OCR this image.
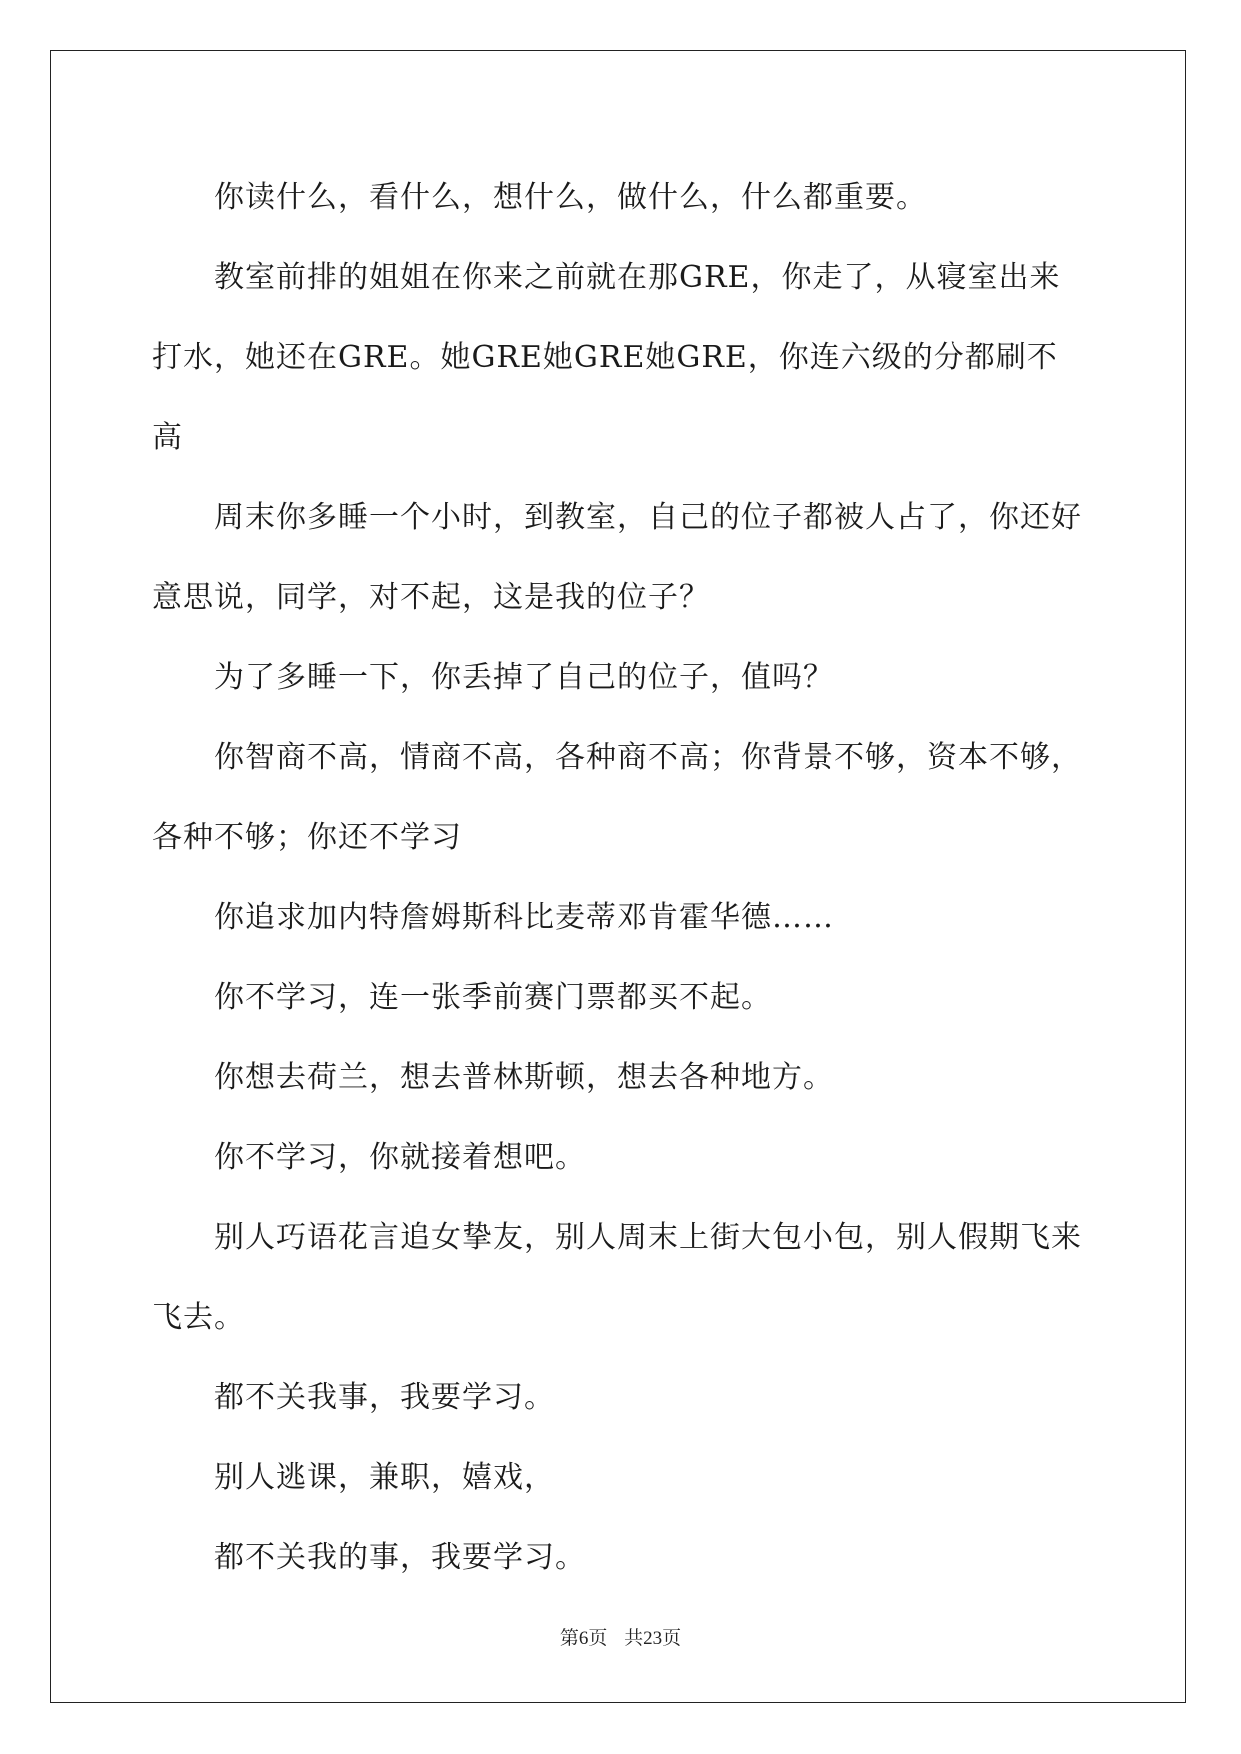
你读什么，看什么，想什么，做什么，什么都重要。

教室前排的姐姐在你来之前就在那GRE，你走了，从寝室出来打水，她还在GRE。她GRE她GRE她GRE，你连六级的分都刷不高

周末你多睡一个小时，到教室，自己的位子都被人占了，你还好意思说，同学，对不起，这是我的位子？

为了多睡一下，你丢掉了自己的位子，值吗？

你智商不高，情商不高，各种商不高；你背景不够，资本不够，各种不够；你还不学习

你追求加内特詹姆斯科比麦蒂邓肯霍华德……

你不学习，连一张季前赛门票都买不起。

你想去荷兰，想去普林斯顿，想去各种地方。

你不学习，你就接着想吧。

别人巧语花言追女挚友，别人周末上街大包小包，别人假期飞来飞去。

都不关我事，我要学习。

别人逃课，兼职，嬉戏，

都不关我的事，我要学习。

第6页 共23页
